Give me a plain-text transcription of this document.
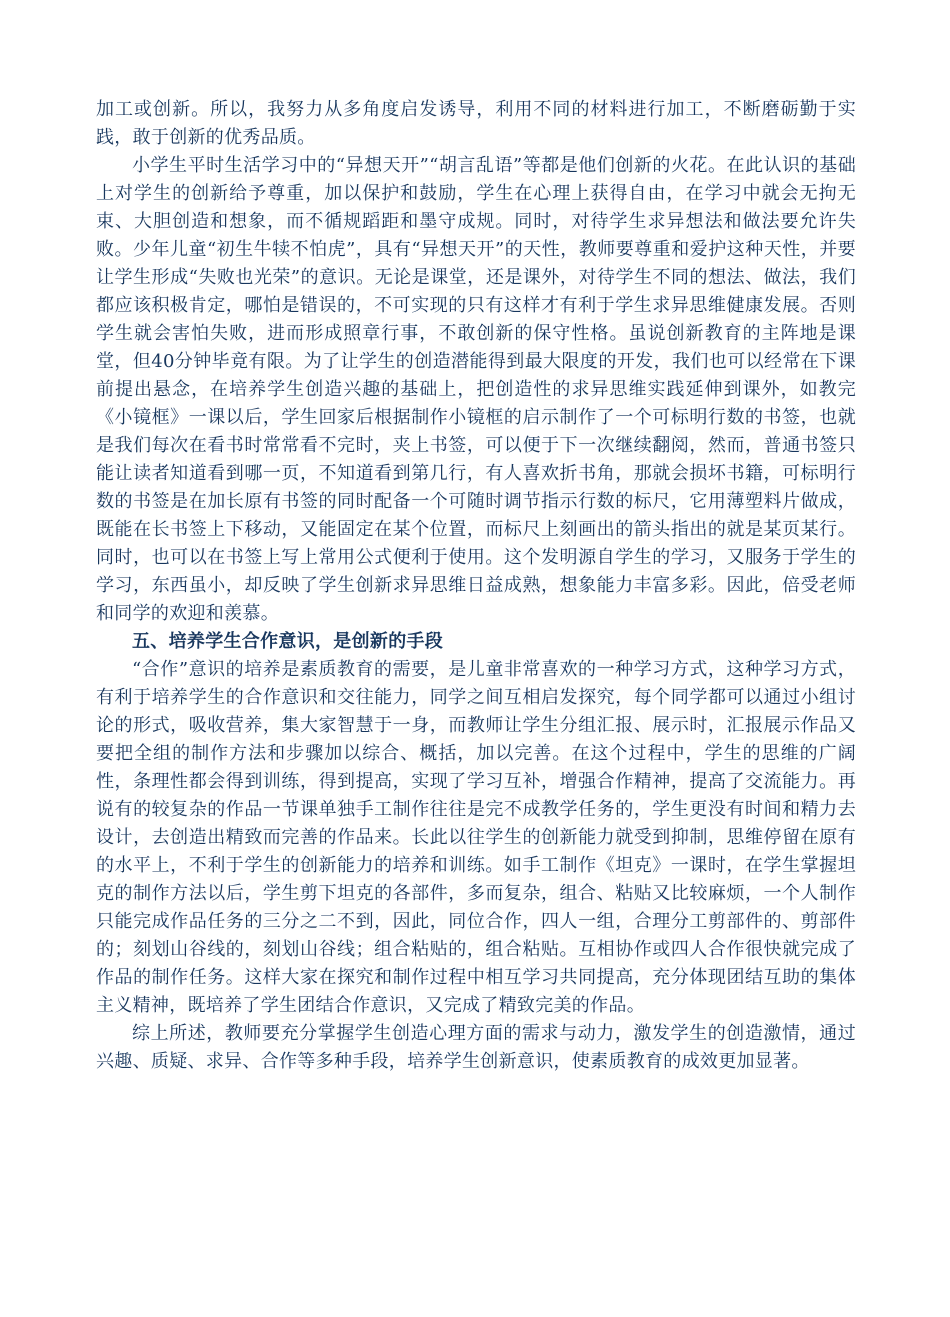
加工或创新。所以，我努力从多角度启发诱导，利用不同的材料进行加工，不断磨砺勤于实践，敢于创新的优秀品质。

小学生平时生活学习中的“异想天开”“胡言乱语”等都是他们创新的火花。在此认识的基础上对学生的创新给予尊重，加以保护和鼓励，学生在心理上获得自由，在学习中就会无拘无束、大胆创造和想象，而不循规蹈距和墨守成规。同时，对待学生求异想法和做法要允许失败。少年儿童“初生牛犊不怕虎”，具有“异想天开”的天性，教师要尊重和爱护这种天性，并要让学生形成“失败也光荣”的意识。无论是课堂，还是课外，对待学生不同的想法、做法，我们都应该积极肯定，哪怕是错误的，不可实现的只有这样才有利于学生求异思维健康发展。否则学生就会害怕失败，进而形成照章行事，不敢创新的保守性格。虽说创新教育的主阵地是课堂，但40分钟毕竟有限。为了让学生的创造潜能得到最大限度的开发，我们也可以经常在下课前提出悬念，在培养学生创造兴趣的基础上，把创造性的求异思维实践延伸到课外，如教完《小镜框》一课以后，学生回家后根据制作小镜框的启示制作了一个可标明行数的书签，也就是我们每次在看书时常常看不完时，夹上书签，可以便于下一次继续翻阅，然而，普通书签只能让读者知道看到哪一页，不知道看到第几行，有人喜欢折书角，那就会损坏书籍，可标明行数的书签是在加长原有书签的同时配备一个可随时调节指示行数的标尺，它用薄塑料片做成，既能在长书签上下移动，又能固定在某个位置，而标尺上刻画出的箭头指出的就是某页某行。同时，也可以在书签上写上常用公式便利于使用。这个发明源自学生的学习，又服务于学生的学习，东西虽小，却反映了学生创新求异思维日益成熟，想象能力丰富多彩。因此，倍受老师和同学的欢迎和羡慕。

五、培养学生合作意识，是创新的手段

“合作”意识的培养是素质教育的需要，是儿童非常喜欢的一种学习方式，这种学习方式，有利于培养学生的合作意识和交往能力，同学之间互相启发探究，每个同学都可以通过小组讨论的形式，吸收营养，集大家智慧于一身，而教师让学生分组汇报、展示时，汇报展示作品又要把全组的制作方法和步骤加以综合、概括，加以完善。在这个过程中，学生的思维的广阔性，条理性都会得到训练，得到提高，实现了学习互补，增强合作精神，提高了交流能力。再说有的较复杂的作品一节课单独手工制作往往是完不成教学任务的，学生更没有时间和精力去设计，去创造出精致而完善的作品来。长此以往学生的创新能力就受到抑制，思维停留在原有的水平上，不利于学生的创新能力的培养和训练。如手工制作《坦克》一课时，在学生掌握坦克的制作方法以后，学生剪下坦克的各部件，多而复杂，组合、粘贴又比较麻烦，一个人制作只能完成作品任务的三分之二不到，因此，同位合作，四人一组，合理分工剪部件的、剪部件的；刻划山谷线的，刻划山谷线；组合粘贴的，组合粘贴。互相协作或四人合作很快就完成了作品的制作任务。这样大家在探究和制作过程中相互学习共同提高，充分体现团结互助的集体主义精神，既培养了学生团结合作意识，又完成了精致完美的作品。

综上所述，教师要充分掌握学生创造心理方面的需求与动力，激发学生的创造激情，通过兴趣、质疑、求异、合作等多种手段，培养学生创新意识，使素质教育的成效更加显著。
